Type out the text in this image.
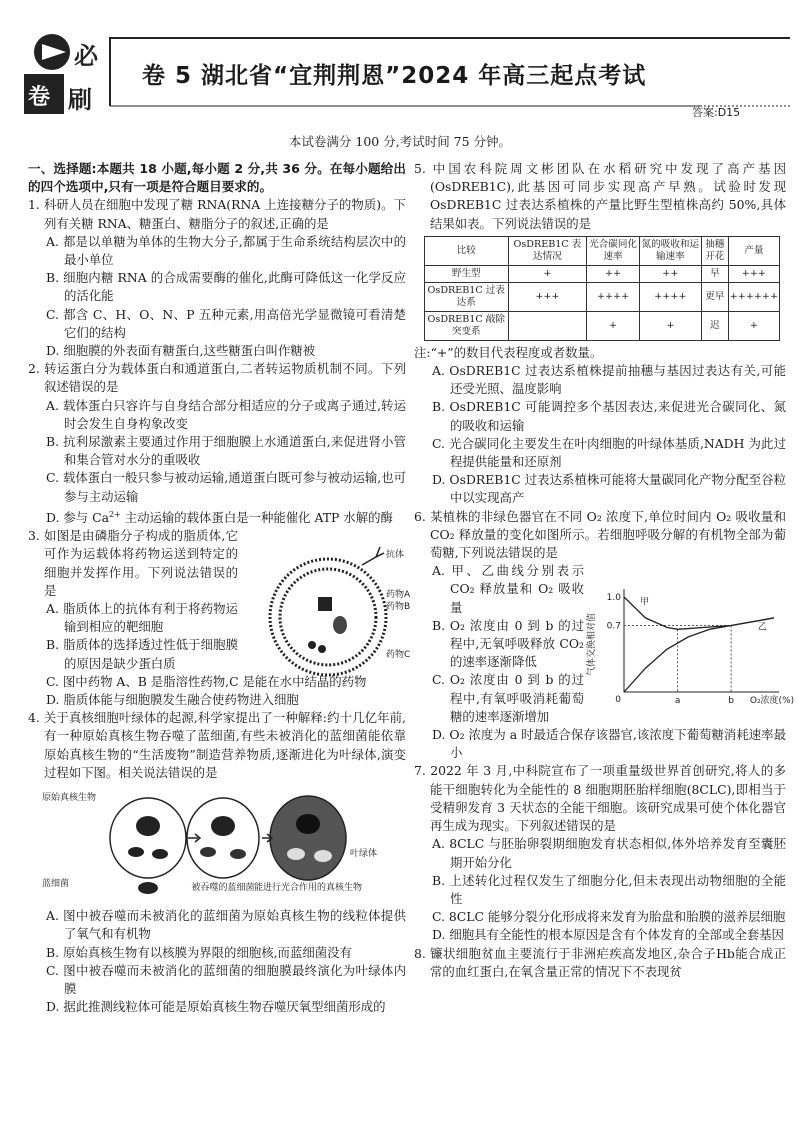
必
卷 刷
卷 5 湖北省“宜荆荆恩”2024 年高三起点考试
答案:D15
本试卷满分 100 分,考试时间 75 分钟。

一、选择题:本题共 18 小题,每小题 2 分,共 36 分。在每小题给出的四个选项中,只有一项是符合题目要求的。

1. 科研人员在细胞中发现了糖 RNA(RNA 上连接糖分子的物质)。下列有关糖 RNA、糖蛋白、糖脂分子的叙述,正确的是

A. 都是以单糖为单体的生物大分子,都属于生命系统结构层次中的最小单位

B. 细胞内糖 RNA 的合成需要酶的催化,此酶可降低这一化学反应的活化能

C. 都含 C、H、O、N、P 五种元素,用高倍光学显微镜可看清楚它们的结构

D. 细胞膜的外表面有糖蛋白,这些糖蛋白叫作糖被

2. 转运蛋白分为载体蛋白和通道蛋白,二者转运物质机制不同。下列叙述错误的是

A. 载体蛋白只容许与自身结合部分相适应的分子或离子通过,转运时会发生自身构象改变

B. 抗利尿激素主要通过作用于细胞膜上水通道蛋白,来促进肾小管和集合管对水分的重吸收

C. 载体蛋白一般只参与被动运输,通道蛋白既可参与被动运输,也可参与主动运输

D. 参与 $Ca^{2+}$ 主动运输的载体蛋白是一种能催化 ATP 水解的酶

3. 如图是由磷脂分子构成的脂质体,它可作为运载体将药物运送到特定的细胞并发挥作用。下列说法错误的是

A. 脂质体上的抗体有利于将药物运输到相应的靶细胞

B. 脂质体的选择透过性低于细胞膜的原因是缺少蛋白质

C. 图中药物 A、B 是脂溶性药物,C 是能在水中结晶的药物

D. 脂质体能与细胞膜发生融合使药物进入细胞

4. 关于真核细胞叶绿体的起源,科学家提出了一种解释:约十几亿年前,有一种原始真核生物吞噬了蓝细菌,有些未被消化的蓝细菌能依靠原始真核生物的“生活废物”制造营养物质,逐渐进化为叶绿体,演变过程如下图。相关说法错误的是

原始真核生物
蓝细菌	被吞噬的蓝细菌 能进行光合作用的真核生物
叶绿体

A. 图中被吞噬而未被消化的蓝细菌为原始真核生物的线粒体提供了氧气和有机物

B. 原始真核生物有以核膜为界限的细胞核,而蓝细菌没有

C. 图中被吞噬而未被消化的蓝细菌的细胞膜最终演化为叶绿体内膜

D. 据此推测线粒体可能是原始真核生物吞噬厌氧型细菌形成的

抗体
药物A
药物B
药物C

5. 中国农科院周文彬团队在水稻研究中发现了高产基因(OsDREB1C),此基因可同步实现高产早熟。试验时发现OsDREB1C 过表达系植株的产量比野生型植株高约 50%,具体结果如表。下列说法错误的是

比较	OsDREB1C 表达情况	光合碳同化速率	氮的吸收和运输速率	抽穗开花	产量
野生型	+	++	++	早	+++
OsDREB1C 过表达系	+++	++++	++++	更早	++++++
OsDREB1C 敲除突变系		+	+	迟	+

注:“+”的数目代表程度或者数量。

A. OsDREB1C 过表达系植株提前抽穗与基因过表达有关,可能还受光照、温度影响

B. OsDREB1C 可能调控多个基因表达,来促进光合碳同化、氮的吸收和运输

C. 光合碳同化主要发生在叶肉细胞的叶绿体基质,NADH 为此过程提供能量和还原剂

D. OsDREB1C 过表达系植株可能将大量碳同化产物分配至谷粒中以实现高产

6. 某植株的非绿色器官在不同 O₂ 浓度下,单位时间内 O₂ 吸收量和 CO₂ 释放量的变化如图所示。若细胞呼吸分解的有机物全部为葡萄糖,下列说法错误的是

A. 甲、乙曲线分别表示 CO₂ 释放量和 O₂ 吸收量

B. O₂ 浓度由 0 到 b 的过程中,无氧呼吸释放 CO₂ 的速率逐渐降低

C. O₂ 浓度由 0 到 b 的过程中,有氧呼吸消耗葡萄糖的速率逐渐增加

D. O₂ 浓度为 a 时最适合保存该器官,该浓度下葡萄糖消耗速率最小

7. 2022 年 3 月,中科院宣布了一项重量级世界首创研究,将人的多能干细胞转化为全能性的 8 细胞期胚胎样细胞(8CLC),即相当于受精卵发育 3 天状态的全能干细胞。该研究成果可使个体化器官再生成为现实。下列叙述错误的是

A. 8CLC 与胚胎卵裂期细胞发育状态相似,体外培养发育至囊胚期开始分化

B. 上述转化过程仅发生了细胞分化,但未表现出动物细胞的全能性

C. 8CLC 能够分裂分化形成将来发育为胎盘和胎膜的滋养层细胞

D. 细胞具有全能性的根本原因是含有个体发育的全部或全套基因

8. 镰状细胞贫血主要流行于非洲疟疾高发地区,杂合子Hb能合成正常的血红蛋白,在氧含量正常的情况下不表现贫

甲
乙
1.0
0.7
0	a	b O₂浓度(%)
气体交换相对值
